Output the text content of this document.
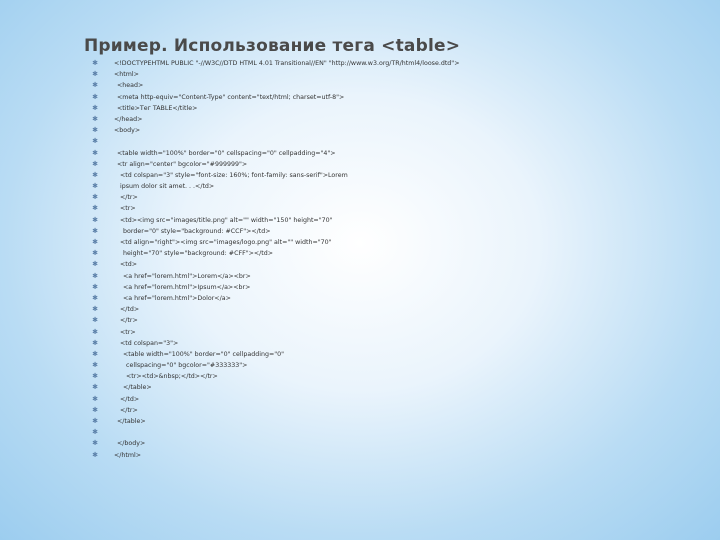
Пример. Использование тега <table>
✱	<!DOCTYPEHTML PUBLIC "-//W3C//DTD HTML 4.01 Transitional//EN" "http://www.w3.org/TR/html4/loose.dtd">
✱	<html>
✱	<head>
✱	<meta http-equiv="Content-Type" content="text/html; charset=utf-8">
✱	<title>Тег TABLE</title>
✱	</head>
✱	<body>
✱
✱	<table width="100%" border="0" cellspacing="0" cellpadding="4">
✱	<tr align="center" bgcolor="#999999">
✱	<td colspan="3" style="font-size: 160%; font-family: sans-serif">Lorem
✱	ipsum dolor sit amet. . .</td>
✱	</tr>
✱	<tr>
✱	<td><img src="images/title.png" alt="" width="150" height="70"
✱	border="0" style="background: #CCF"></td>
✱	<td align="right"><img src="images/logo.png" alt="" width="70"
✱	height="70" style="background: #CFF"></td>
✱	<td>
✱	<a href="lorem.html">Lorem</a><br>
✱	<a href="lorem.html">Ipsum</a><br>
✱	<a href="lorem.html">Dolor</a>
✱	</td>
✱	</tr>
✱	<tr>
✱	<td colspan="3">
✱	<table width="100%" border="0" cellpadding="0"
✱	cellspacing="0" bgcolor="#333333">
✱	<tr><td>&nbsp;</td></tr>
✱	</table>
✱	</td>
✱	</tr>
✱	</table>
✱
✱	</body>
✱	</html>
